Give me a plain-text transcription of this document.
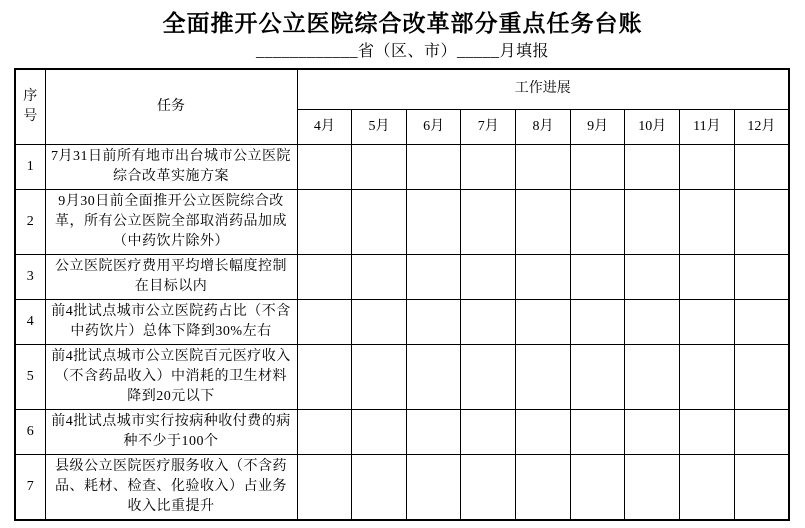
全面推开公立医院综合改革部分重点任务台账
____________省（区、市）_____月填报
序号	任务	工作进展								
		4月	5月	6月	7月	8月	9月	10月	11月	12月
1	7月31日前所有地市出台城市公立医院综合改革实施方案									
2	9月30日前全面推开公立医院综合改革，所有公立医院全部取消药品加成（中药饮片除外）									
3	公立医院医疗费用平均增长幅度控制在目标以内									
4	前4批试点城市公立医院药占比（不含中药饮片）总体下降到30%左右									
5	前4批试点城市公立医院百元医疗收入（不含药品收入）中消耗的卫生材料降到20元以下									
6	前4批试点城市实行按病种收付费的病种不少于100个									
7	县级公立医院医疗服务收入（不含药品、耗材、检查、化验收入）占业务收入比重提升									
